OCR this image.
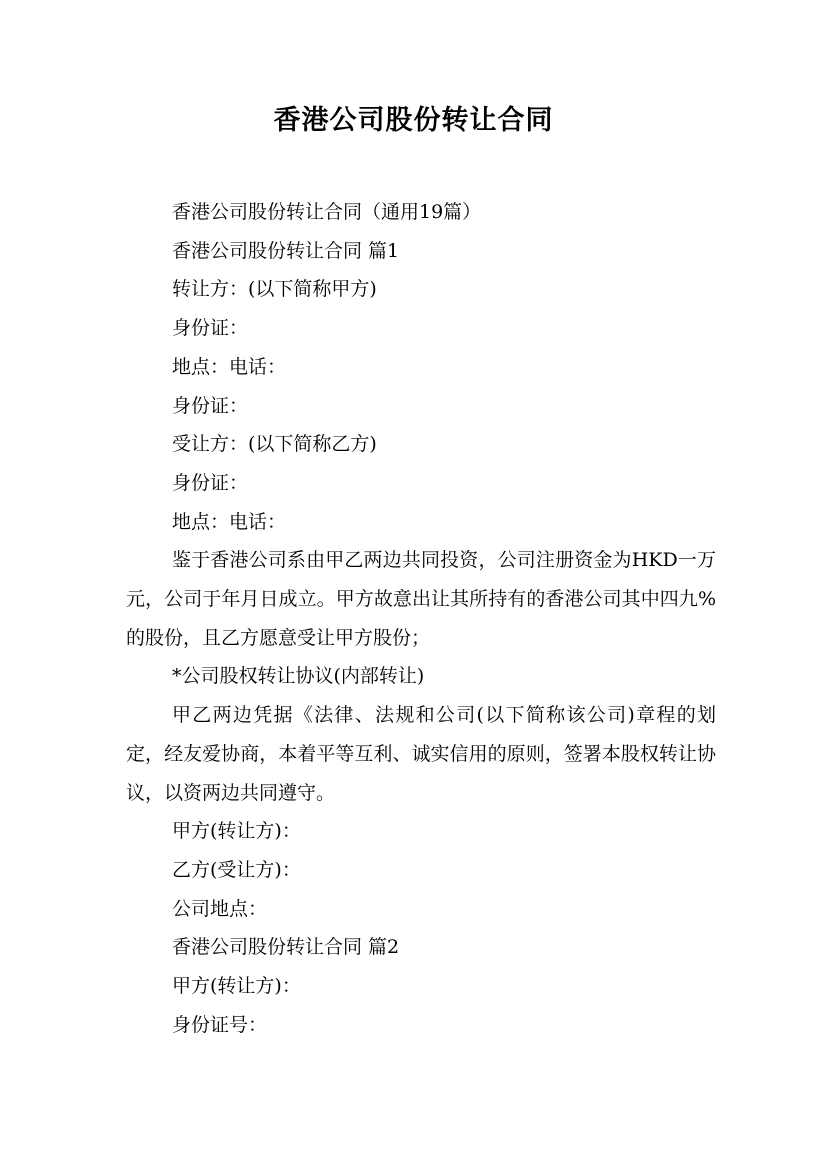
香港公司股份转让合同

香港公司股份转让合同（通用19篇）

香港公司股份转让合同 篇1

转让方：(以下简称甲方)

身份证：

地点：电话：

身份证：

受让方：(以下简称乙方)

身份证：

地点：电话：

鉴于香港公司系由甲乙两边共同投资，公司注册资金为HKD一万元，公司于年月日成立。甲方故意出让其所持有的香港公司其中四九%的股份，且乙方愿意受让甲方股份；

*公司股权转让协议(内部转让)

甲乙两边凭据《法律、法规和公司(以下简称该公司)章程的划定，经友爱协商，本着平等互利、诚实信用的原则，签署本股权转让协议，以资两边共同遵守。

甲方(转让方)：

乙方(受让方)：

公司地点：

香港公司股份转让合同 篇2

甲方(转让方)：

身份证号：
